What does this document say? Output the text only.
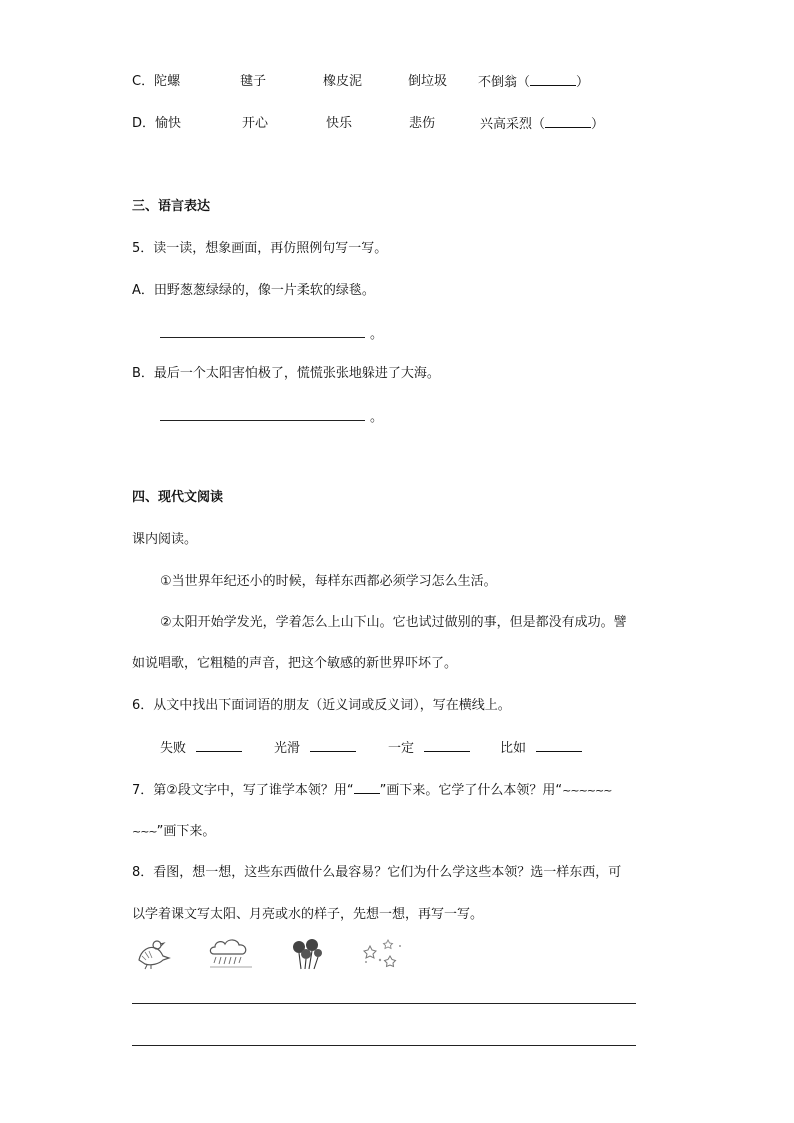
C．陀螺	毽子	橡皮泥	倒垃圾 不倒翁（	）
D．愉快	开心	快乐	悲伤	兴高采烈（	）
三、语言表达
5．读一读，想象画面，再仿照例句写一写。
A．田野葱葱绿绿的，像一片柔软的绿毯。
。
B．最后一个太阳害怕极了，慌慌张张地躲进了大海。
。
四、现代文阅读
课内阅读。
①当世界年纪还小的时候，每样东西都必须学习怎么生活。
②太阳开始学发光，学着怎么上山下山。它也试过做别的事，但是都没有成功。譬
如说唱歌，它粗糙的声音，把这个敏感的新世界吓坏了。
6．从文中找出下面词语的朋友（近义词或反义词），写在横线上。
失败	光滑	一定	比如
7．第②段文字中，写了谁学本领？用“ ”画下来。它学了什么本领？用“~~~~~~
~~~”画下来。
8．看图，想一想，这些东西做什么最容易？它们为什么学这些本领？选一样东西，可
以学着课文写太阳、月亮或水的样子，先想一想，再写一写。
